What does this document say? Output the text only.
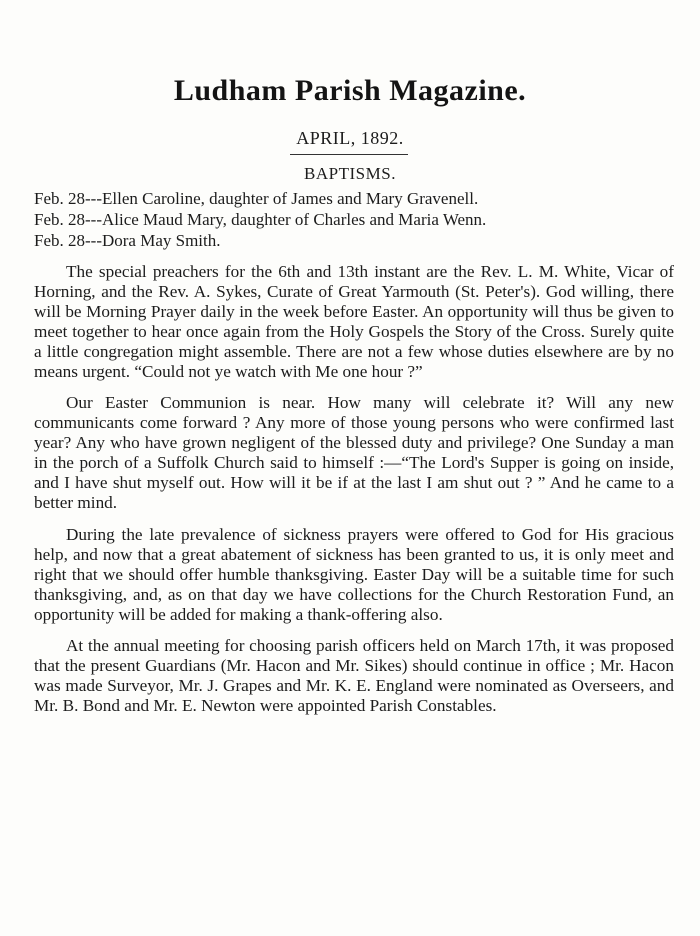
Ludham Parish Magazine.
APRIL, 1892.
BAPTISMS.

Feb. 28---Ellen Caroline, daughter of James and Mary Gravenell.

Feb. 28---Alice Maud Mary, daughter of Charles and Maria Wenn.

Feb. 28---Dora May Smith.

The special preachers for the 6th and 13th instant are the Rev. L. M. White, Vicar of Horning, and the Rev. A. Sykes, Curate of Great Yarmouth (St. Peter's). God willing, there will be Morning Prayer daily in the week before Easter. An opportunity will thus be given to meet together to hear once again from the Holy Gospels the Story of the Cross. Surely quite a little congregation might assemble. There are not a few whose duties elsewhere are by no means urgent. “Could not ye watch with Me one hour ?”

Our Easter Communion is near. How many will celebrate it? Will any new communicants come forward ? Any more of those young persons who were confirmed last year? Any who have grown negligent of the blessed duty and privilege? One Sunday a man in the porch of a Suffolk Church said to himself :—“The Lord's Supper is going on inside, and I have shut myself out. How will it be if at the last I am shut out ? ” And he came to a better mind.

During the late prevalence of sickness prayers were offered to God for His gracious help, and now that a great abatement of sickness has been granted to us, it is only meet and right that we should offer humble thanksgiving. Easter Day will be a suitable time for such thanksgiving, and, as on that day we have collections for the Church Restoration Fund, an opportunity will be added for making a thank-offering also.

At the annual meeting for choosing parish officers held on March 17th, it was proposed that the present Guardians (Mr. Hacon and Mr. Sikes) should continue in office ; Mr. Hacon was made Surveyor, Mr. J. Grapes and Mr. K. E. England were nominated as Overseers, and Mr. B. Bond and Mr. E. Newton were appointed Parish Constables.
